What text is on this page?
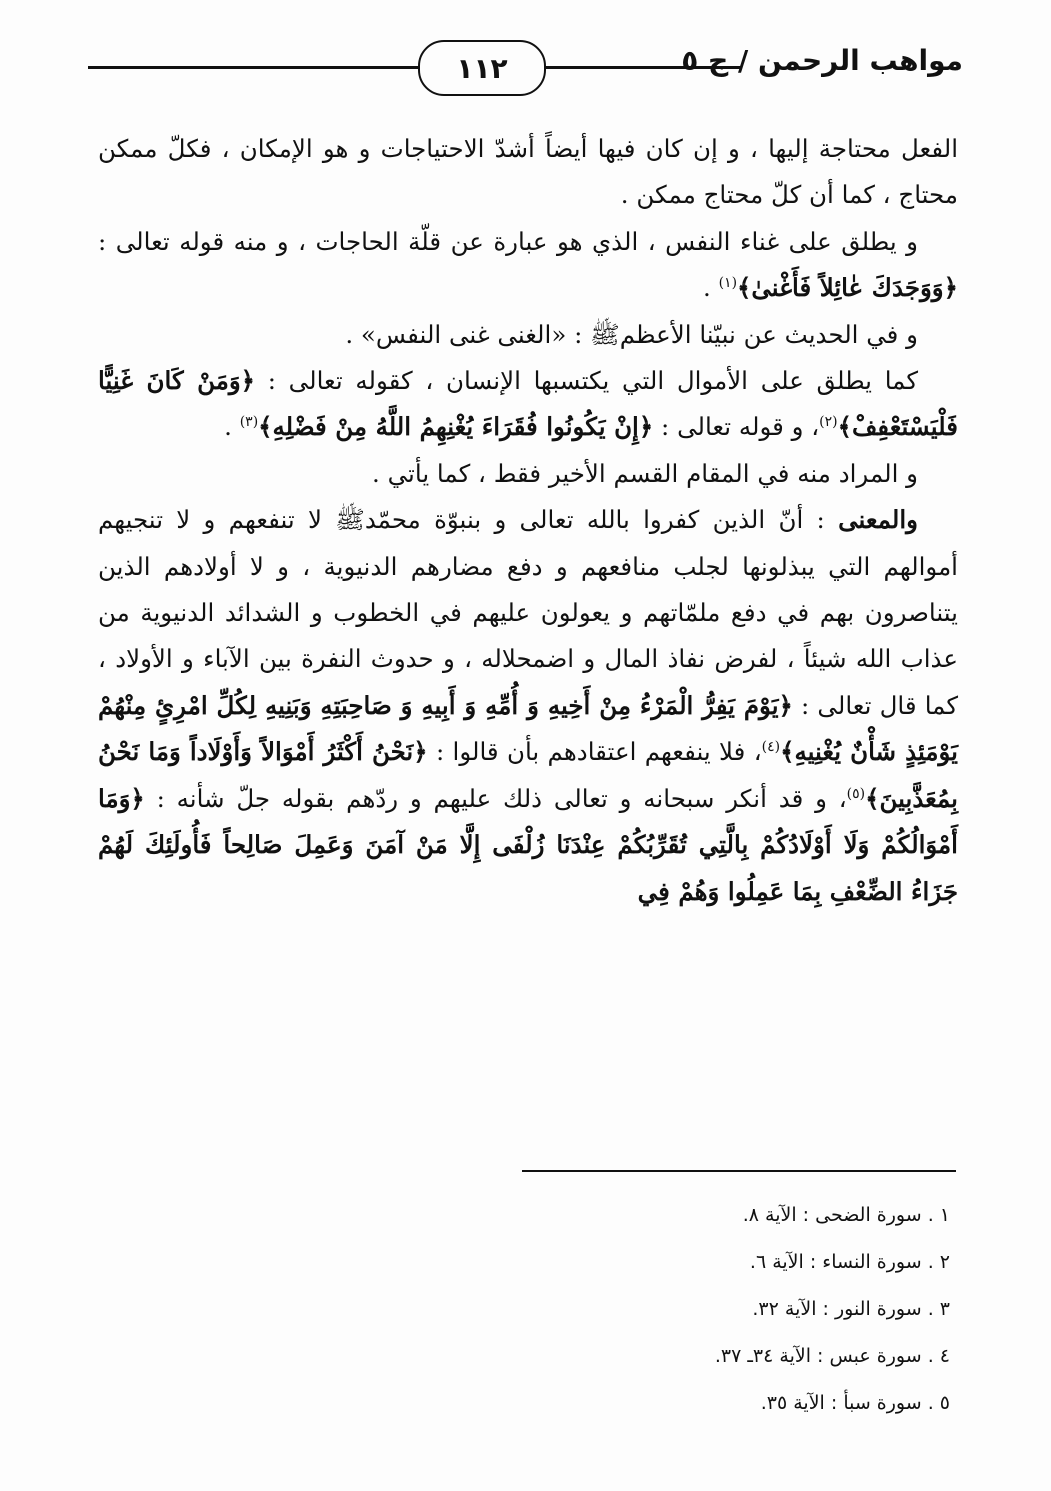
١١٢	مواهب الرحمن / ج ٥

الفعل محتاجة إليها ، و إن كان فيها أيضاً أشدّ الاحتياجات و هو الإمكان ، فكلّ ممكن محتاج ، كما أن كلّ محتاج ممكن .

و يطلق على غناء النفس ، الذي هو عبارة عن قلّة الحاجات ، و منه قوله تعالى : ﴿وَوَجَدَكَ عٰائِلاً فَأَغْنىٰ﴾$^{(١)}$ .

و في الحديث عن نبيّنا الأعظمﷺ : «الغنى غنى النفس» .

كما يطلق على الأموال التي يكتسبها الإنسان ، كقوله تعالى : ﴿وَمَنْ كَانَ غَنِيًّا فَلْيَسْتَعْفِفْ﴾$^{(٢)}$، و قوله تعالى : ﴿إِنْ يَكُونُوا فُقَرَاءَ يُغْنِهِمُ اللَّهُ مِنْ فَضْلِهِ﴾$^{(٣)}$ .

و المراد منه في المقام القسم الأخير فقط ، كما يأتي .

والمعنى : أنّ الذين كفروا بالله تعالى و بنبوّة محمّدﷺ لا تنفعهم و لا تنجيهم أموالهم التي يبذلونها لجلب منافعهم و دفع مضارهم الدنيوية ، و لا أولادهم الذين يتناصرون بهم في دفع ملمّاتهم و يعولون عليهم في الخطوب و الشدائد الدنيوية من عذاب الله شيئاً ، لفرض نفاذ المال و اضمحلاله ، و حدوث النفرة بين الآباء و الأولاد ، كما قال تعالى : ﴿يَوْمَ يَفِرُّ الْمَرْءُ مِنْ أَخِيهِ وَ أُمِّهِ وَ أَبِيهِ وَ صَاحِبَتِهِ وَبَنِيهِ لِكُلِّ امْرِئٍ مِنْهُمْ يَوْمَئِذٍ شَأْنٌ يُغْنِيهِ﴾$^{(٤)}$، فلا ينفعهم اعتقادهم بأن قالوا : ﴿نَحْنُ أَكْثَرُ أَمْوَالاً وَأَوْلَاداً وَمَا نَحْنُ بِمُعَذَّبِينَ﴾$^{(٥)}$، و قد أنكر سبحانه و تعالى ذلك عليهم و ردّهم بقوله جلّ شأنه : ﴿وَمَا أَمْوَالُكُمْ وَلَا أَوْلَادُكُمْ بِالَّتِي تُقَرِّبُكُمْ عِنْدَنَا زُلْفَى إِلَّا مَنْ آمَنَ وَعَمِلَ صَالِحاً فَأُولَئِكَ لَهُمْ جَزَاءُ الضِّعْفِ بِمَا عَمِلُوا وَهُمْ فِي

١ . سورة الضحى : الآية ٨.
٢ . سورة النساء : الآية ٦.
٣ . سورة النور : الآية ٣٢.
٤ . سورة عبس : الآية ٣٤ـ ٣٧.
٥ . سورة سبأ : الآية ٣٥.
